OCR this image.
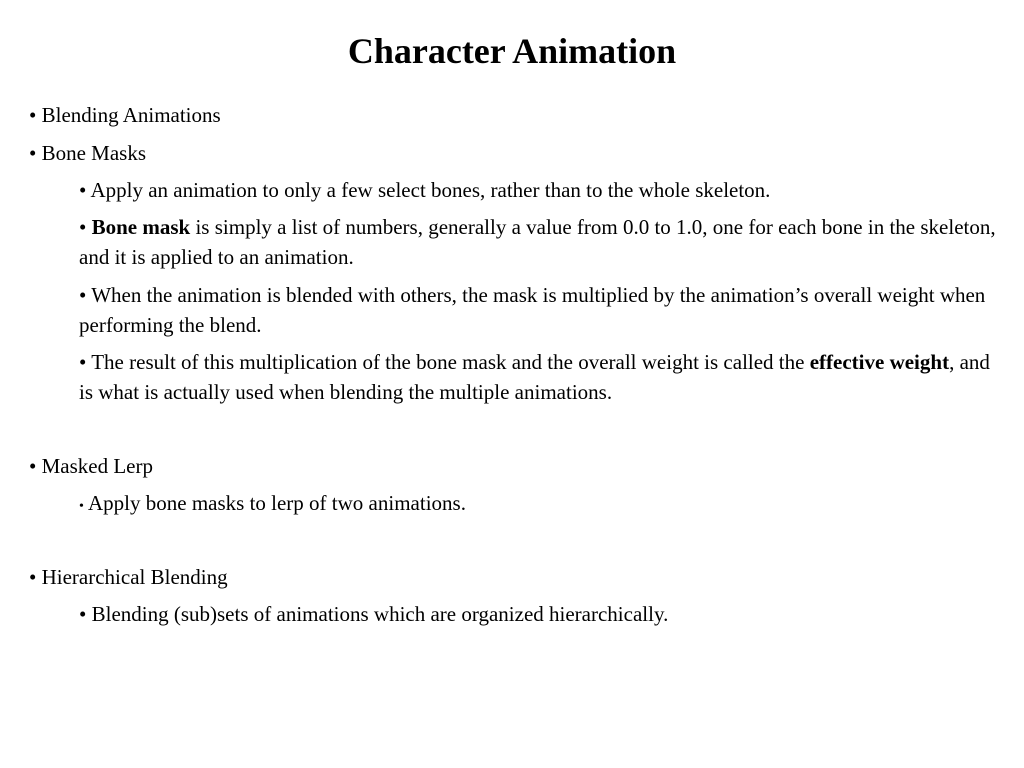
Character Animation

• Blending Animations

• Bone Masks

• Apply an animation to only a few select bones, rather than to the whole skeleton.

• Bone mask is simply a list of numbers, generally a value from 0.0 to 1.0, one for each bone in the skeleton, and it is applied to an animation.

• When the animation is blended with others, the mask is multiplied by the animation’s overall weight when performing the blend.

• The result of this multiplication of the bone mask and the overall weight is called the effective weight, and is what is actually used when blending the multiple animations.

• Masked Lerp

• Apply bone masks to lerp of two animations.

• Hierarchical Blending

• Blending (sub)sets of animations which are organized hierarchically.
